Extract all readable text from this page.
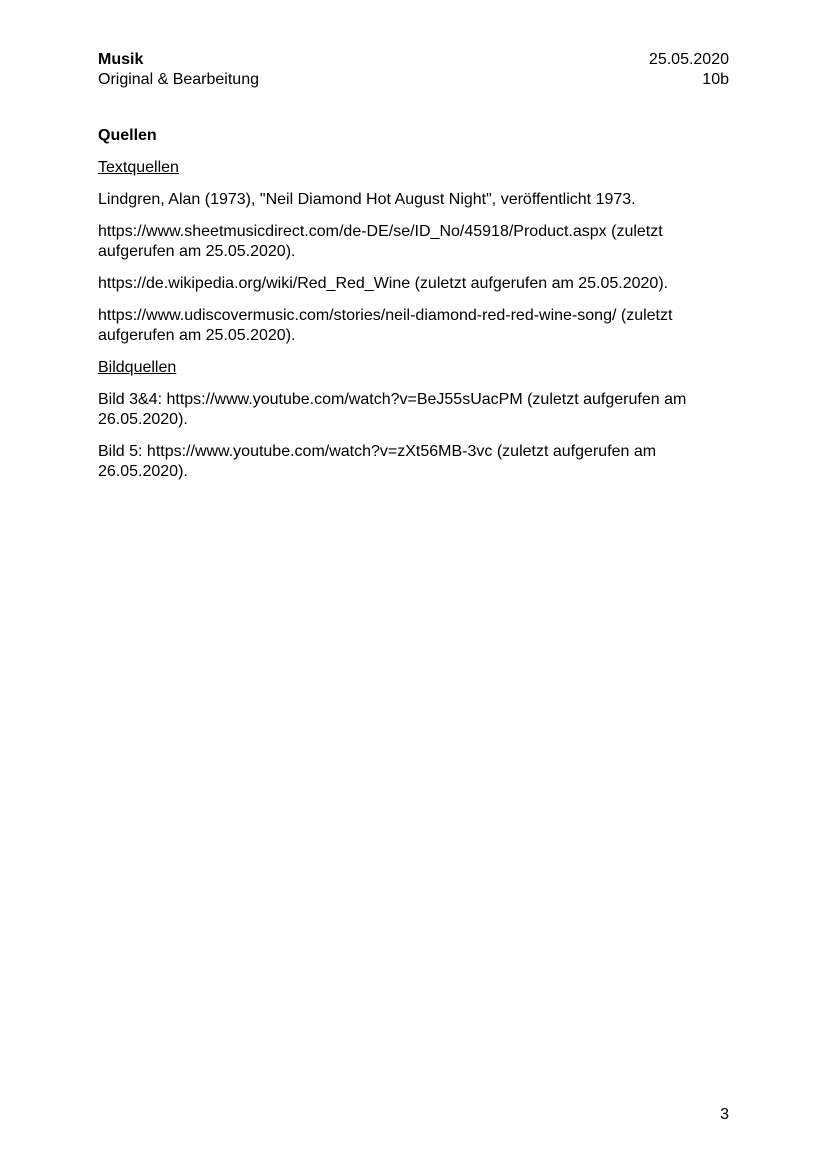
Musik
Original & Bearbeitung
25.05.2020
10b
Quellen
Textquellen
Lindgren, Alan (1973), "Neil Diamond Hot August Night", veröffentlicht 1973.
https://www.sheetmusicdirect.com/de-DE/se/ID_No/45918/Product.aspx (zuletzt
aufgerufen am 25.05.2020).
https://de.wikipedia.org/wiki/Red_Red_Wine (zuletzt aufgerufen am 25.05.2020).
https://www.udiscovermusic.com/stories/neil-diamond-red-red-wine-song/ (zuletzt
aufgerufen am 25.05.2020).
Bildquellen
Bild 3&4: https://www.youtube.com/watch?v=BeJ55sUacPM (zuletzt aufgerufen am
26.05.2020).
Bild 5: https://www.youtube.com/watch?v=zXt56MB-3vc (zuletzt aufgerufen am
26.05.2020).
3
